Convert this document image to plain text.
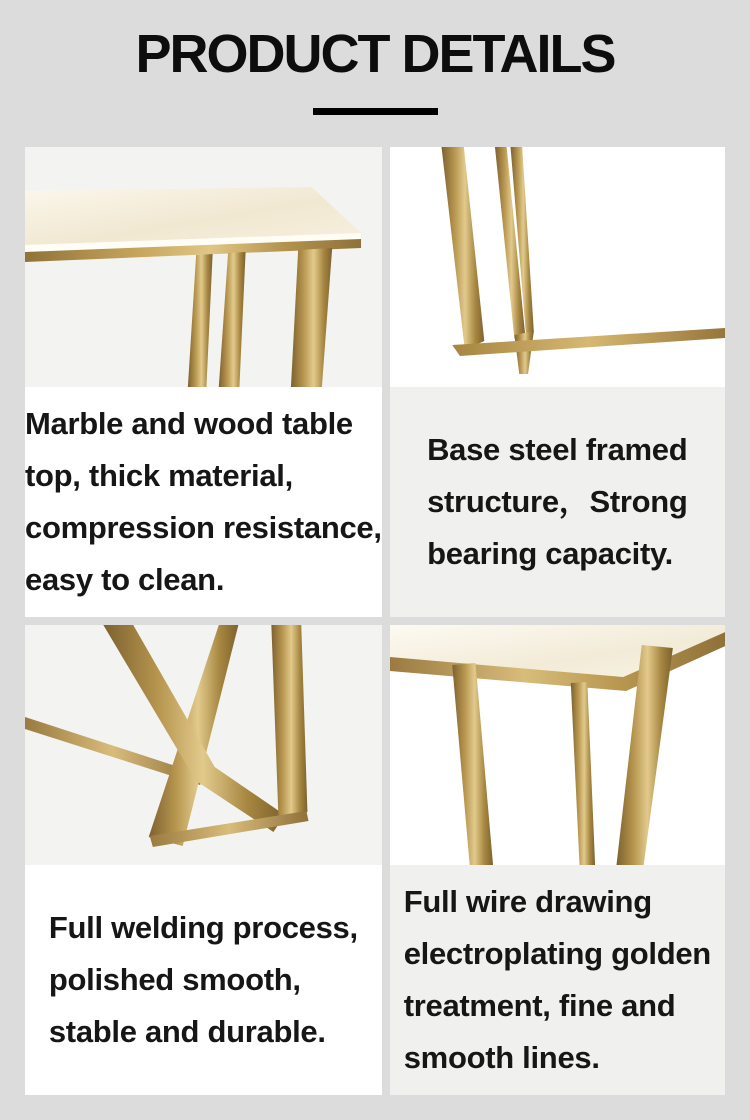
PRODUCT DETAILS
Marble and wood table
top, thick material,
compression resistance,
easy to clean.
Base steel framed
structure，Strong
bearing capacity.
Full welding process,
polished smooth,
stable and durable.
Full wire drawing
electroplating golden
treatment, fine and
smooth lines.
